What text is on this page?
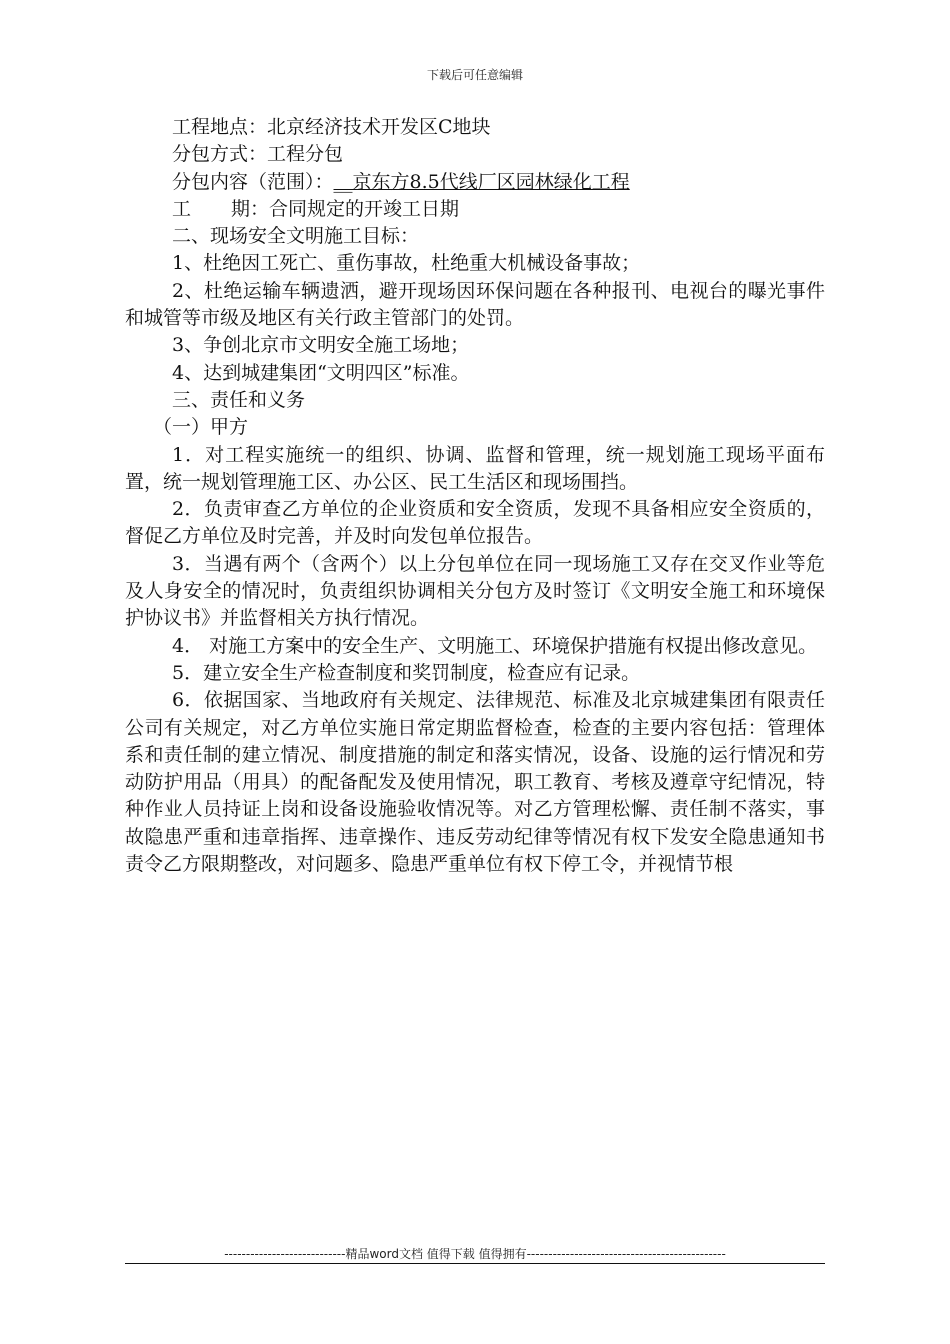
下载后可任意编辑

工程地点：北京经济技术开发区C地块

分包方式：工程分包

分包内容（范围）：__京东方8.5代线厂区园林绿化工程

工 期：合同规定的开竣工日期

二、现场安全文明施工目标：

1、杜绝因工死亡、重伤事故，杜绝重大机械设备事故；

2、杜绝运输车辆遗洒，避开现场因环保问题在各种报刊、电视台的曝光事件和城管等市级及地区有关行政主管部门的处罚。

3、争创北京市文明安全施工场地；

4、达到城建集团“文明四区”标准。

三、责任和义务

（一）甲方

1．对工程实施统一的组织、协调、监督和管理，统一规划施工现场平面布置，统一规划管理施工区、办公区、民工生活区和现场围挡。

2．负责审查乙方单位的企业资质和安全资质，发现不具备相应安全资质的，督促乙方单位及时完善，并及时向发包单位报告。

3．当遇有两个（含两个）以上分包单位在同一现场施工又存在交叉作业等危及人身安全的情况时，负责组织协调相关分包方及时签订《文明安全施工和环境保护协议书》并监督相关方执行情况。

4． 对施工方案中的安全生产、文明施工、环境保护措施有权提出修改意见。

5．建立安全生产检查制度和奖罚制度，检查应有记录。

6．依据国家、当地政府有关规定、法律规范、标准及北京城建集团有限责任公司有关规定，对乙方单位实施日常定期监督检查，检查的主要内容包括：管理体系和责任制的建立情况、制度措施的制定和落实情况，设备、设施的运行情况和劳动防护用品（用具）的配备配发及使用情况，职工教育、考核及遵章守纪情况，特种作业人员持证上岗和设备设施验收情况等。对乙方管理松懈、责任制不落实，事故隐患严重和违章指挥、违章操作、违反劳动纪律等情况有权下发安全隐患通知书责令乙方限期整改，对问题多、隐患严重单位有权下停工令，并视情节根

----------------------------精品word文档 值得下载 值得拥有----------------------------------------------
